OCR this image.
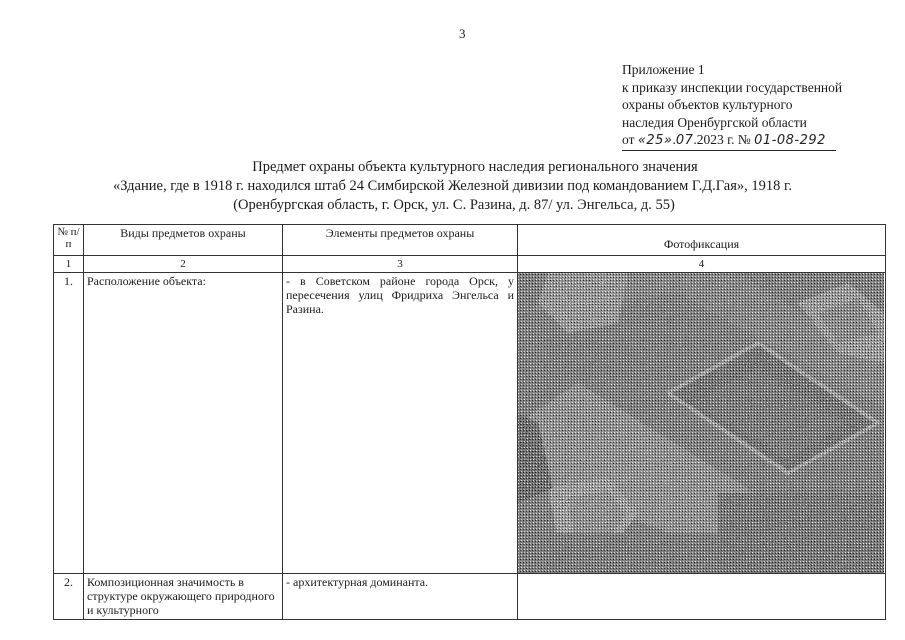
3
Приложение 1
к приказу инспекции государственной
охраны объектов культурного
наследия Оренбургской области
от «25».07.2023 г. № 01-08-292
Предмет охраны объекта культурного наследия регионального значения
«Здание, где в 1918 г. находился штаб 24 Симбирской Железной дивизии под командованием Г.Д.Гая», 1918 г.
(Оренбургская область, г. Орск, ул. С. Разина, д. 87/ ул. Энгельса, д. 55)
№ п/п	Виды предметов охраны	Элементы предметов охраны	Фотофиксация
1	2	3	4
1.	Расположение объекта:	- в Советском районе города Орск, у пересечения улиц Фридриха Энгельса и Разина.	

2.	Композиционная значимость в структуре окружающего природного и культурного	- архитектурная доминанта.	
